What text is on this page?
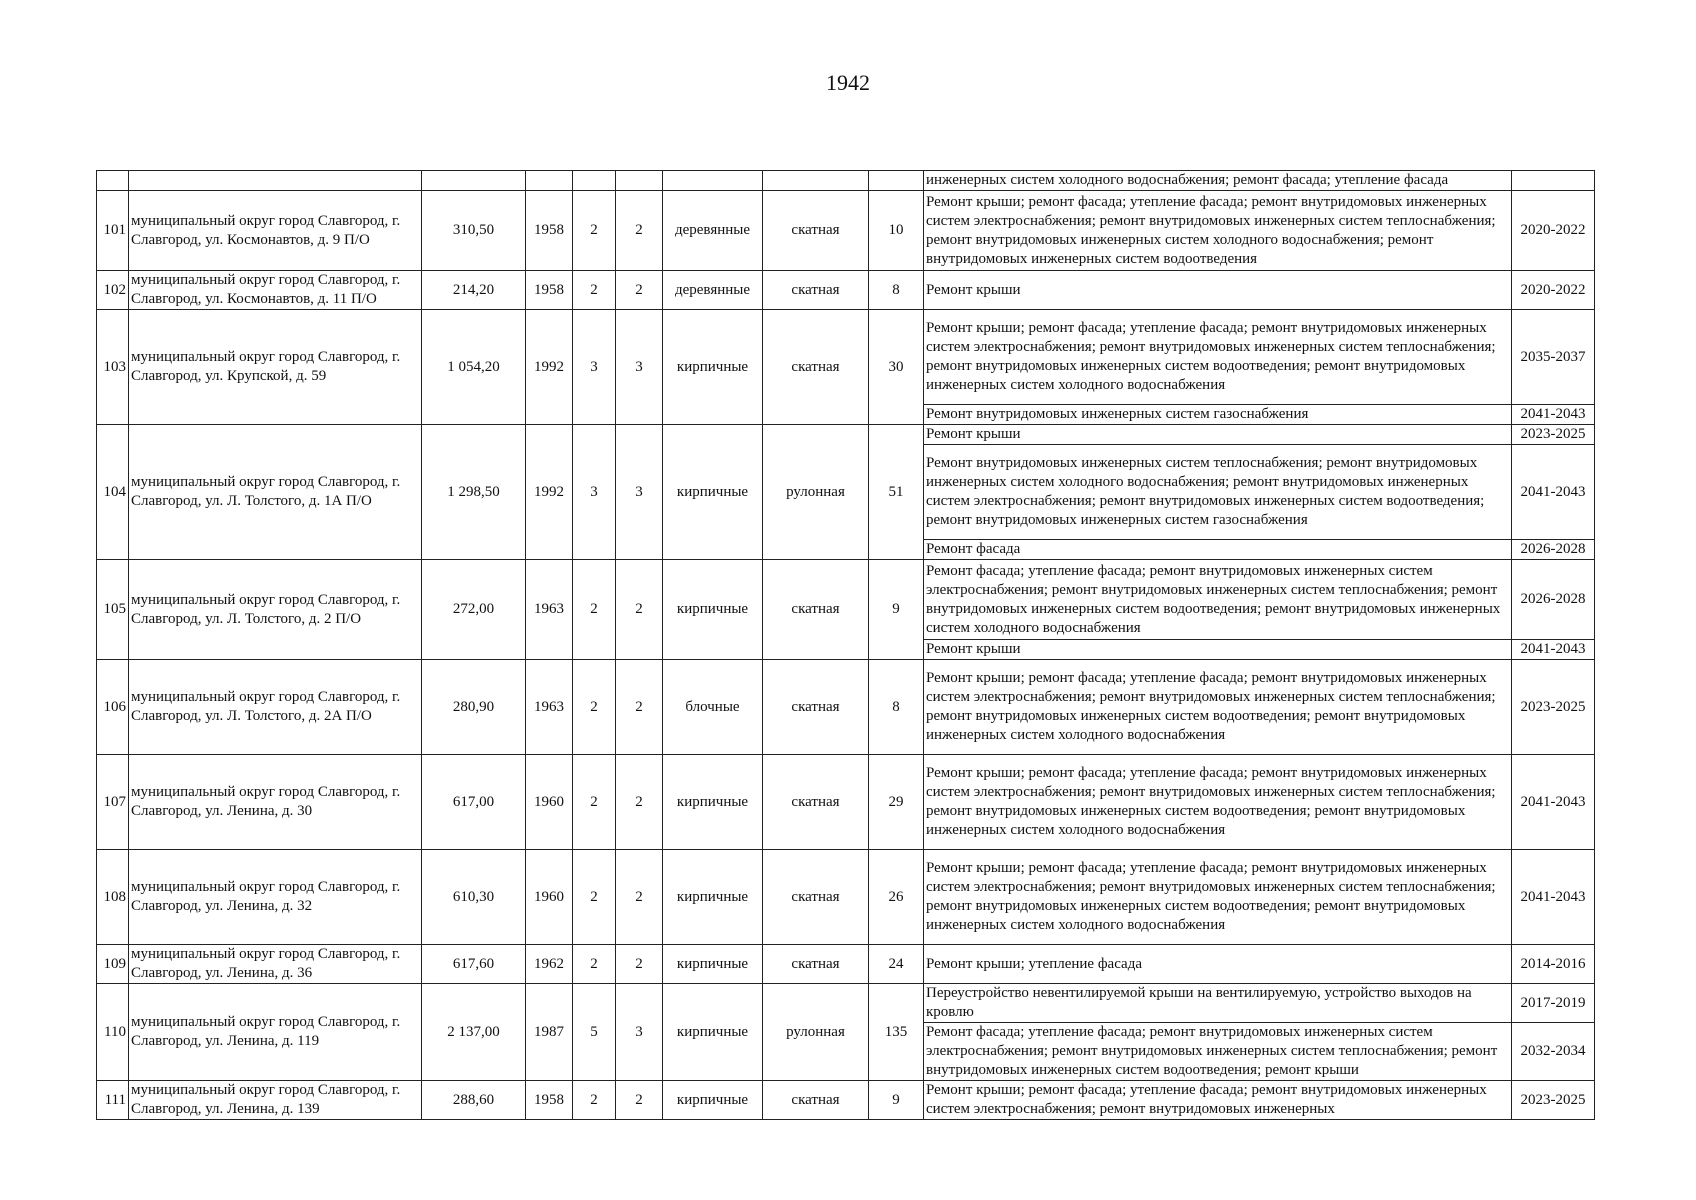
1942
									инженерных систем холодного водоснабжения; ремонт фасада; утепление фасада	
101	муниципальный округ город Славгород, г. Славгород, ул. Космонавтов, д. 9 П/О	310,50	1958	2	2	деревянные	скатная	10	Ремонт крыши; ремонт фасада; утепление фасада; ремонт внутридомовых инженерных систем электроснабжения; ремонт внутридомовых инженерных систем теплоснабжения; ремонт внутридомовых инженерных систем холодного водоснабжения; ремонт внутридомовых инженерных систем водоотведения	2020-2022
102	муниципальный округ город Славгород, г. Славгород, ул. Космонавтов, д. 11 П/О	214,20	1958	2	2	деревянные	скатная	8	Ремонт крыши	2020-2022
103	муниципальный округ город Славгород, г. Славгород, ул. Крупской, д. 59	1 054,20	1992	3	3	кирпичные	скатная	30	Ремонт крыши; ремонт фасада; утепление фасада; ремонт внутридомовых инженерных систем электроснабжения; ремонт внутридомовых инженерных систем теплоснабжения; ремонт внутридомовых инженерных систем водоотведения; ремонт внутридомовых инженерных систем холодного водоснабжения	2035-2037
									Ремонт внутридомовых инженерных систем газоснабжения	2041-2043
104	муниципальный округ город Славгород, г. Славгород, ул. Л. Толстого, д. 1А П/О	1 298,50	1992	3	3	кирпичные	рулонная	51	Ремонт крыши	2023-2025
									Ремонт внутридомовых инженерных систем теплоснабжения; ремонт внутридомовых инженерных систем холодного водоснабжения; ремонт внутридомовых инженерных систем электроснабжения; ремонт внутридомовых инженерных систем водоотведения; ремонт внутридомовых инженерных систем газоснабжения	2041-2043
									Ремонт фасада	2026-2028
105	муниципальный округ город Славгород, г. Славгород, ул. Л. Толстого, д. 2 П/О	272,00	1963	2	2	кирпичные	скатная	9	Ремонт фасада; утепление фасада; ремонт внутридомовых инженерных систем электроснабжения; ремонт внутридомовых инженерных систем теплоснабжения; ремонт внутридомовых инженерных систем водоотведения; ремонт внутридомовых инженерных систем холодного водоснабжения	2026-2028
									Ремонт крыши	2041-2043
106	муниципальный округ город Славгород, г. Славгород, ул. Л. Толстого, д. 2А П/О	280,90	1963	2	2	блочные	скатная	8	Ремонт крыши; ремонт фасада; утепление фасада; ремонт внутридомовых инженерных систем электроснабжения; ремонт внутридомовых инженерных систем теплоснабжения; ремонт внутридомовых инженерных систем водоотведения; ремонт внутридомовых инженерных систем холодного водоснабжения	2023-2025
107	муниципальный округ город Славгород, г. Славгород, ул. Ленина, д. 30	617,00	1960	2	2	кирпичные	скатная	29	Ремонт крыши; ремонт фасада; утепление фасада; ремонт внутридомовых инженерных систем электроснабжения; ремонт внутридомовых инженерных систем теплоснабжения; ремонт внутридомовых инженерных систем водоотведения; ремонт внутридомовых инженерных систем холодного водоснабжения	2041-2043
108	муниципальный округ город Славгород, г. Славгород, ул. Ленина, д. 32	610,30	1960	2	2	кирпичные	скатная	26	Ремонт крыши; ремонт фасада; утепление фасада; ремонт внутридомовых инженерных систем электроснабжения; ремонт внутридомовых инженерных систем теплоснабжения; ремонт внутридомовых инженерных систем водоотведения; ремонт внутридомовых инженерных систем холодного водоснабжения	2041-2043
109	муниципальный округ город Славгород, г. Славгород, ул. Ленина, д. 36	617,60	1962	2	2	кирпичные	скатная	24	Ремонт крыши; утепление фасада	2014-2016
110	муниципальный округ город Славгород, г. Славгород, ул. Ленина, д. 119	2 137,00	1987	5	3	кирпичные	рулонная	135	Переустройство невентилируемой крыши на вентилируемую, устройство выходов на кровлю	2017-2019
									Ремонт фасада; утепление фасада; ремонт внутридомовых инженерных систем электроснабжения; ремонт внутридомовых инженерных систем теплоснабжения; ремонт внутридомовых инженерных систем водоотведения; ремонт крыши	2032-2034
111	муниципальный округ город Славгород, г. Славгород, ул. Ленина, д. 139	288,60	1958	2	2	кирпичные	скатная	9	Ремонт крыши; ремонт фасада; утепление фасада; ремонт внутридомовых инженерных систем электроснабжения; ремонт внутридомовых инженерных	2023-2025
